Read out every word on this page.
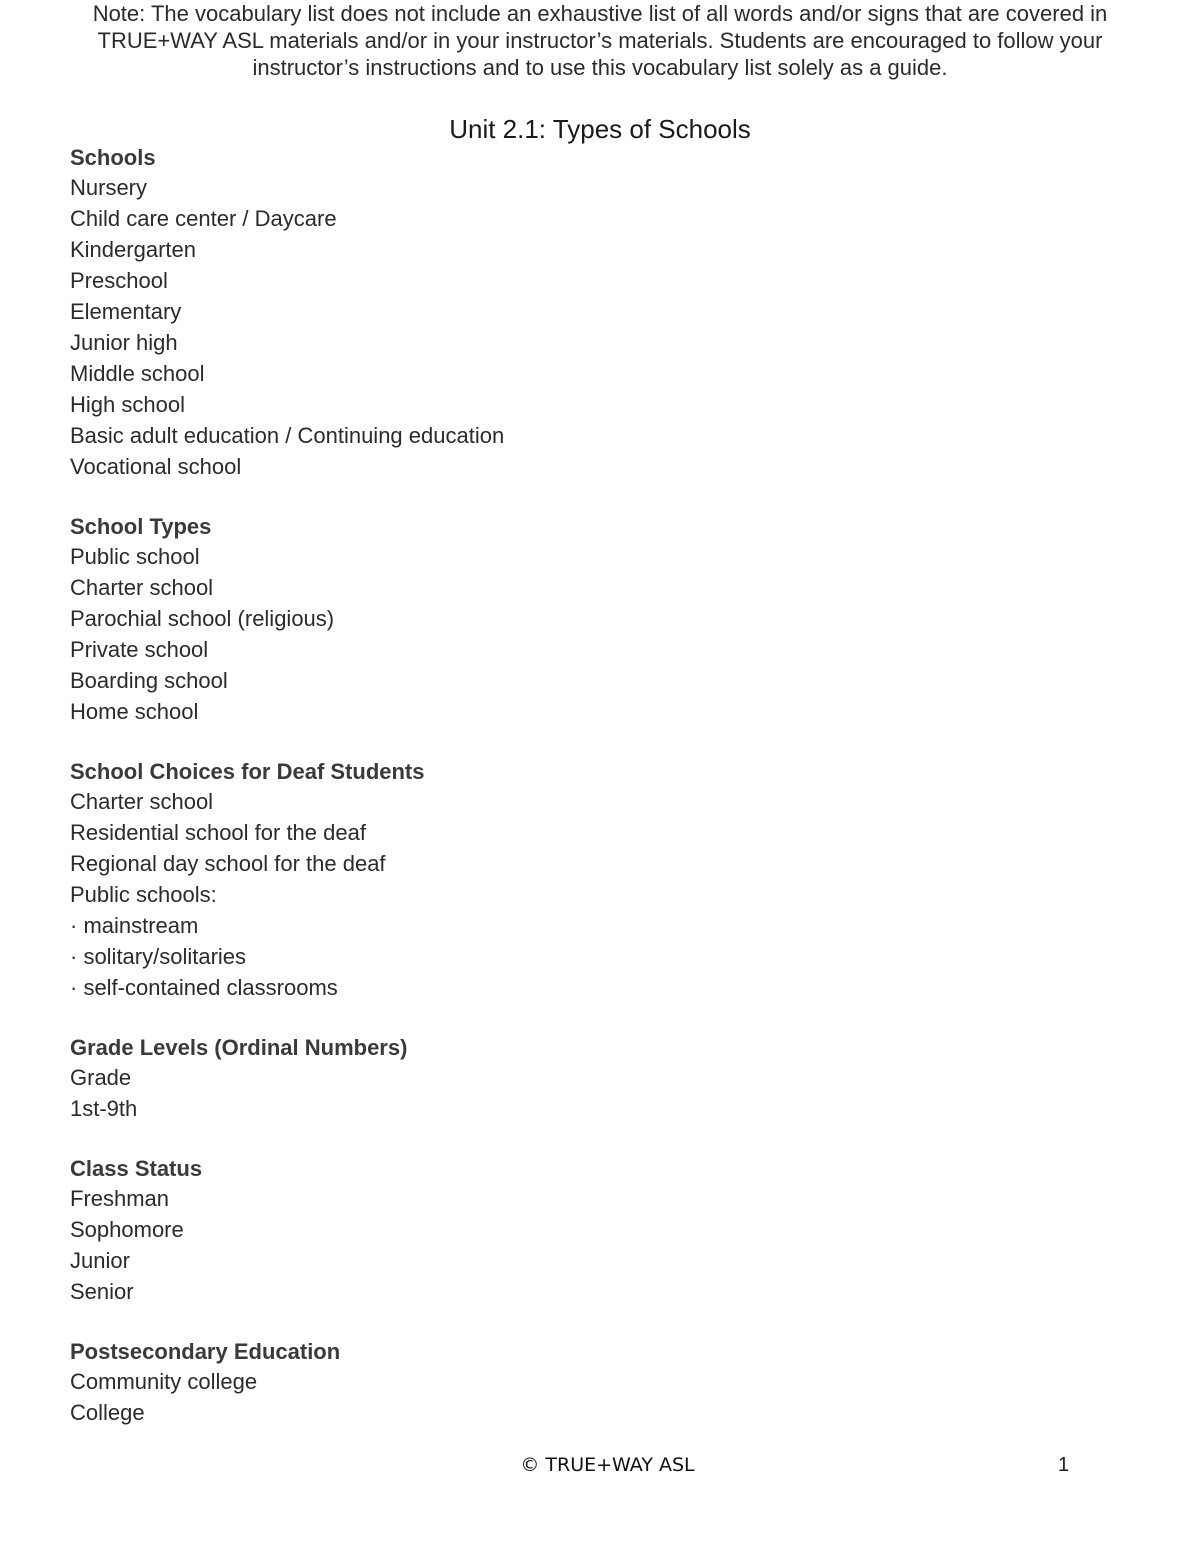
Note: The vocabulary list does not include an exhaustive list of all words and/or signs that are covered in TRUE+WAY ASL materials and/or in your instructor’s materials. Students are encouraged to follow your instructor’s instructions and to use this vocabulary list solely as a guide.
Unit 2.1: Types of Schools
Schools
Nursery
Child care center / Daycare
Kindergarten
Preschool
Elementary
Junior high
Middle school
High school
Basic adult education / Continuing education
Vocational school
School Types
Public school
Charter school
Parochial school (religious)
Private school
Boarding school
Home school
School Choices for Deaf Students
Charter school
Residential school for the deaf
Regional day school for the deaf
Public schools:
· mainstream
· solitary/solitaries
· self-contained classrooms
Grade Levels (Ordinal Numbers)
Grade
1st-9th
Class Status
Freshman
Sophomore
Junior
Senior
Postsecondary Education
Community college
College
© TRUE+WAY ASL	1
